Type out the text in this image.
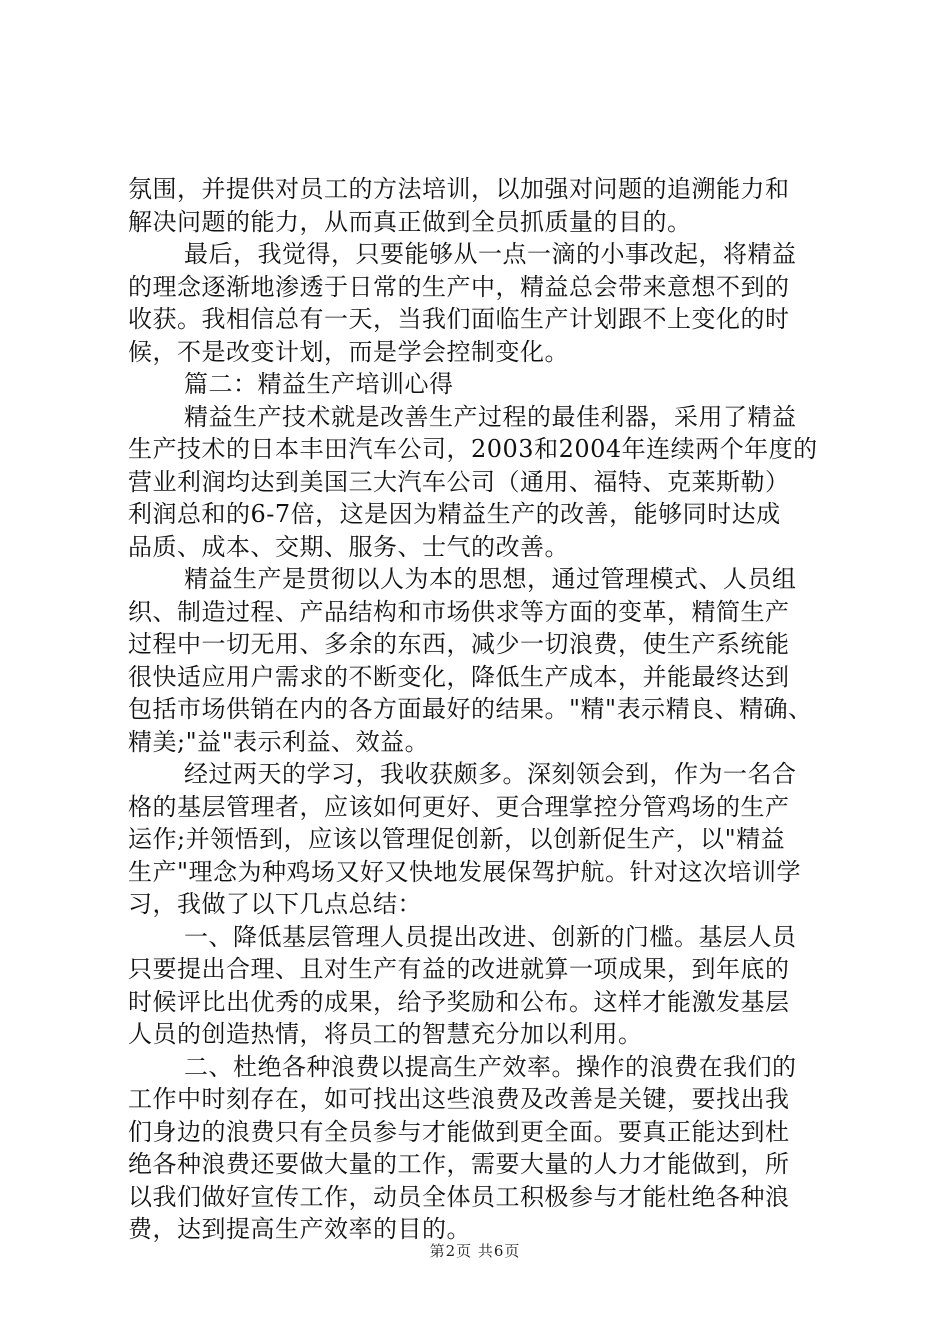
氛围，并提供对员工的方法培训，以加强对问题的追溯能力和
解决问题的能力，从而真正做到全员抓质量的目的。
最后，我觉得，只要能够从一点一滴的小事改起，将精益
的理念逐渐地渗透于日常的生产中，精益总会带来意想不到的
收获。我相信总有一天，当我们面临生产计划跟不上变化的时
候，不是改变计划，而是学会控制变化。
篇二：精益生产培训心得
精益生产技术就是改善生产过程的最佳利器，采用了精益
生产技术的日本丰田汽车公司，2003和2004年连续两个年度的
营业利润均达到美国三大汽车公司（通用、福特、克莱斯勒）
利润总和的6-7倍，这是因为精益生产的改善，能够同时达成
品质、成本、交期、服务、士气的改善。
精益生产是贯彻以人为本的思想，通过管理模式、人员组
织、制造过程、产品结构和市场供求等方面的变革，精简生产
过程中一切无用、多余的东西，减少一切浪费，使生产系统能
很快适应用户需求的不断变化，降低生产成本，并能最终达到
包括市场供销在内的各方面最好的结果。"精"表示精良、精确、
精美;"益"表示利益、效益。
经过两天的学习，我收获颇多。深刻领会到，作为一名合
格的基层管理者，应该如何更好、更合理掌控分管鸡场的生产
运作;并领悟到，应该以管理促创新，以创新促生产，以"精益
生产"理念为种鸡场又好又快地发展保驾护航。针对这次培训学
习，我做了以下几点总结：
一、降低基层管理人员提出改进、创新的门槛。基层人员
只要提出合理、且对生产有益的改进就算一项成果，到年底的
时候评比出优秀的成果，给予奖励和公布。这样才能激发基层
人员的创造热情，将员工的智慧充分加以利用。
二、杜绝各种浪费以提高生产效率。操作的浪费在我们的
工作中时刻存在，如可找出这些浪费及改善是关键，要找出我
们身边的浪费只有全员参与才能做到更全面。要真正能达到杜
绝各种浪费还要做大量的工作，需要大量的人力才能做到，所
以我们做好宣传工作，动员全体员工积极参与才能杜绝各种浪
费，达到提高生产效率的目的。
第2页 共6页
